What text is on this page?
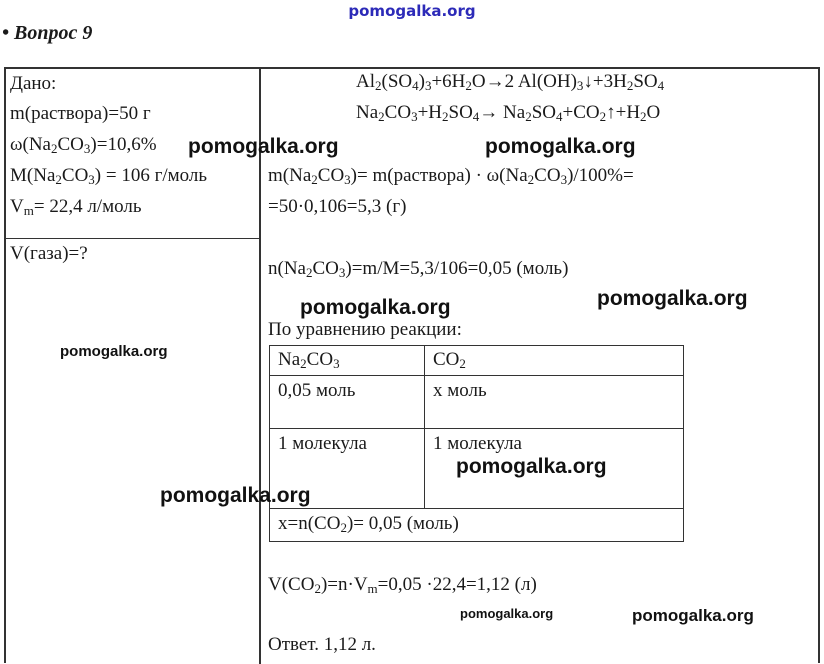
pomogalka.org
• Вопрос 9
Дано:
m(раствора)=50 г
$\omega(Na_2CO_3)=10,6\%$
$M(Na_2CO_3) = 106$ г/моль
$V_m= 22,4$ л/моль
V(газа)=?
$Al_2(SO_4)_3+6H_2O\to 2$ $Al(OH)_3↓+3H_2SO_4$
$Na_2CO_3+H_2SO_4\to$ $Na_2SO_4+CO_2↑+H_2O$
$m(Na_2CO_3)=$ m(раствора) · $\omega(Na_2CO_3)/100\%=$
=50·0,106=5,3 (г)
$n(Na_2CO_3)=m/M=5,3/106=0,05$ (моль)
По уравнению реакции:
$Na_2CO_3$	$CO_2$
0,05 моль	x моль
1 молекула	1 молекула
$x=n(CO_2)= 0,05$ (моль)	
$V(CO_2)=n\cdot V_m=0,05 \cdot 22,4=1,12$ (л)
Ответ. 1,12 л.
pomogalka.org	pomogalka.org
pomogalka.org	pomogalka.org
pomogalka.org
pomogalka.org
pomogalka.org
pomogalka.org	pomogalka.org
